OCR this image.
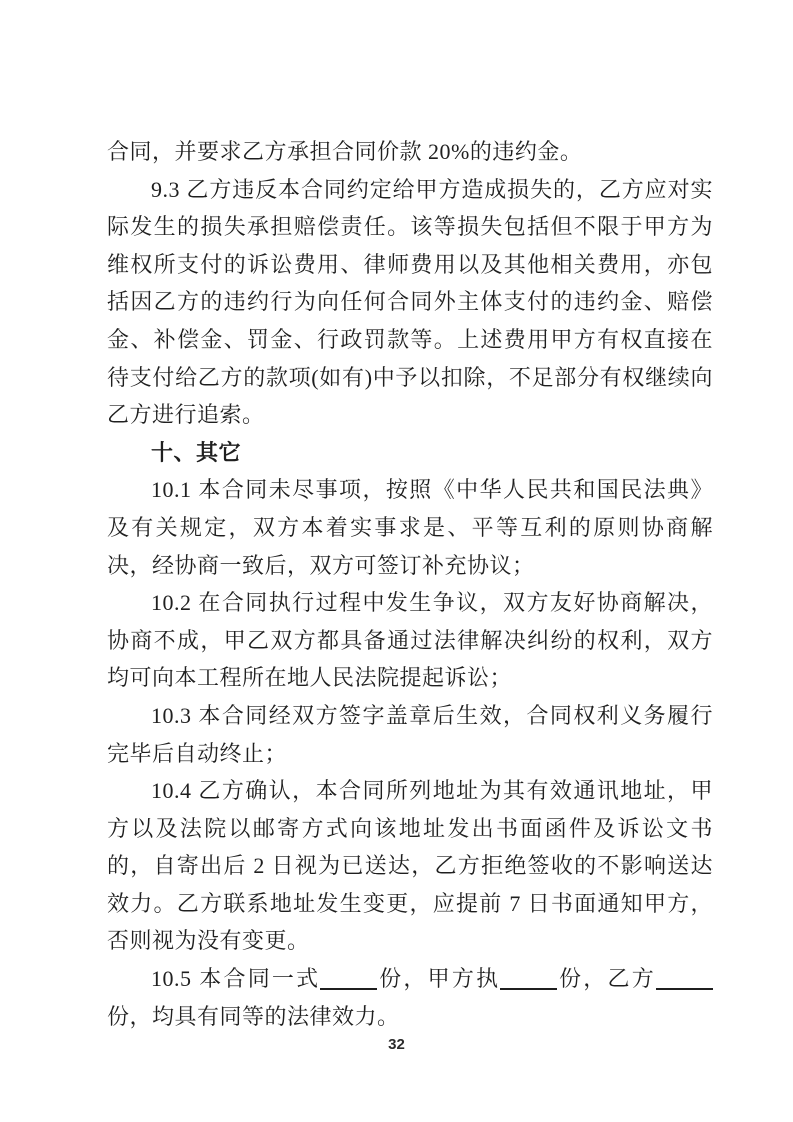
合同，并要求乙方承担合同价款 20%的违约金。

9.3 乙方违反本合同约定给甲方造成损失的，乙方应对实际发生的损失承担赔偿责任。该等损失包括但不限于甲方为维权所支付的诉讼费用、律师费用以及其他相关费用，亦包括因乙方的违约行为向任何合同外主体支付的违约金、赔偿金、补偿金、罚金、行政罚款等。上述费用甲方有权直接在待支付给乙方的款项(如有)中予以扣除，不足部分有权继续向乙方进行追索。

十、其它

10.1 本合同未尽事项，按照《中华人民共和国民法典》及有关规定，双方本着实事求是、平等互利的原则协商解决，经协商一致后，双方可签订补充协议；

10.2 在合同执行过程中发生争议，双方友好协商解决，协商不成，甲乙双方都具备通过法律解决纠纷的权利，双方均可向本工程所在地人民法院提起诉讼；

10.3 本合同经双方签字盖章后生效，合同权利义务履行完毕后自动终止；

10.4 乙方确认，本合同所列地址为其有效通讯地址，甲方以及法院以邮寄方式向该地址发出书面函件及诉讼文书的，自寄出后 2 日视为已送达，乙方拒绝签收的不影响送达效力。乙方联系地址发生变更，应提前 7 日书面通知甲方，否则视为没有变更。

10.5 本合同一式	份，甲方执	份，乙方份，均具有同等的法律效力。

32
